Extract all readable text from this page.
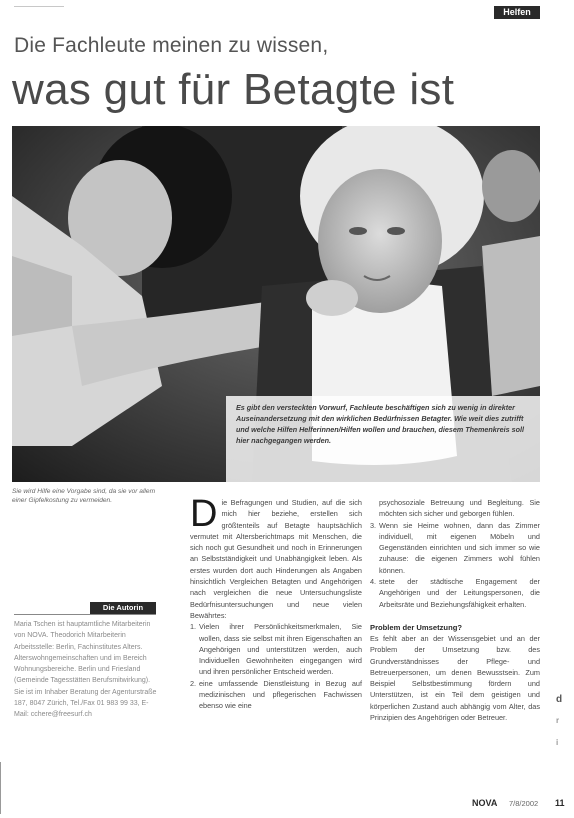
Helfen
Die Fachleute meinen zu wissen,
was gut für Betagte ist

Es gibt den versteckten Vorwurf, Fachleute beschäftigen sich zu wenig in direkter Auseinandersetzung mit den wirklichen Bedürfnissen Betagter. Wie weit dies zutrifft und welche Hilfen Helferinnen/Hilfen wollen und brauchen, diesem Themenkreis soll hier nachgegangen werden.

Sie wird Hilfe eine Vorgabe sind, da sie vor allem einer Gipfelkostung zu vermeiden.

Die Autorin

Maria Tschen ist hauptamtliche Mitarbeiterin von NOVA. Theodorich Mitarbeiterin Arbeitsstelle: Berlin, Fachinstitutes Alters. Alterswohngemeinschaften und im Bereich Wohnungsbereiche. Berlin und Friesland (Gemeinde Tagesstätten Berufsmitwirkung). Sie ist im Inhaber Beratung der Agenturstraße 187, 8047 Zürich, Tel./Fax 01 983 99 33, E-Mail: cchere@freesurf.ch

D ie Befragungen und Studien, auf die sich mich hier beziehe, erstellen sich größtenteils auf Betagte hauptsächlich vermutet mit Altersberichtmaps mit Menschen, die sich noch gut Gesundheit und noch in Erinnerungen an Selbstständigkeit und Unabhängigkeit leben. Als erstes wurden dort auch Hinderungen als Angaben hinsichtlich Vergleichen Betagten und Angehörigen nach vergleichen die neue Untersuchungsliste Bedürfnisuntersuchungen und neue vielen Bewährtes:
1. Vielen ihrer Persönlichkeitsmerkmalen, Sie wollen, dass sie selbst mit ihren Eigenschaften an Angehörigen und unterstützen werden, auch Individuellen Gewohnheiten eingegangen wird und ihren persönlicher Entscheid werden.
2. eine umfassende Dienstleistung in Bezug auf medizinischen und pflegerischen Fachwissen ebenso wie eine

psychosoziale Betreuung und Begleitung. Sie möchten sich sicher und geborgen fühlen.

3. Wenn sie Heime wohnen, dann das Zimmer individuell, mit eigenen Möbeln und Gegenständen einrichten und sich immer so wie zuhause: die eigenen Zimmers wohl fühlen können.
4. stete der städtische Engagement der Angehörigen und der Leitungspersonen, die Arbeitsräte und Beziehungsfähigkeit erhalten.

Problem der Umsetzung?

Es fehlt aber an der Wissensgebiet und an der Problem der Umsetzung bzw. des Grundverständnisses der Pflege- und Betreuerpersonen, um denen Bewusstsein. Zum Beispiel Selbstbestimmung fördern und Unterstützen, ist ein Teil dem geistigen und körperlichen Zustand auch abhängig vom Alter, das Prinzipien des Angehörigen oder Betreuer.

d
r
i
NOVA 7/8/2002 11
